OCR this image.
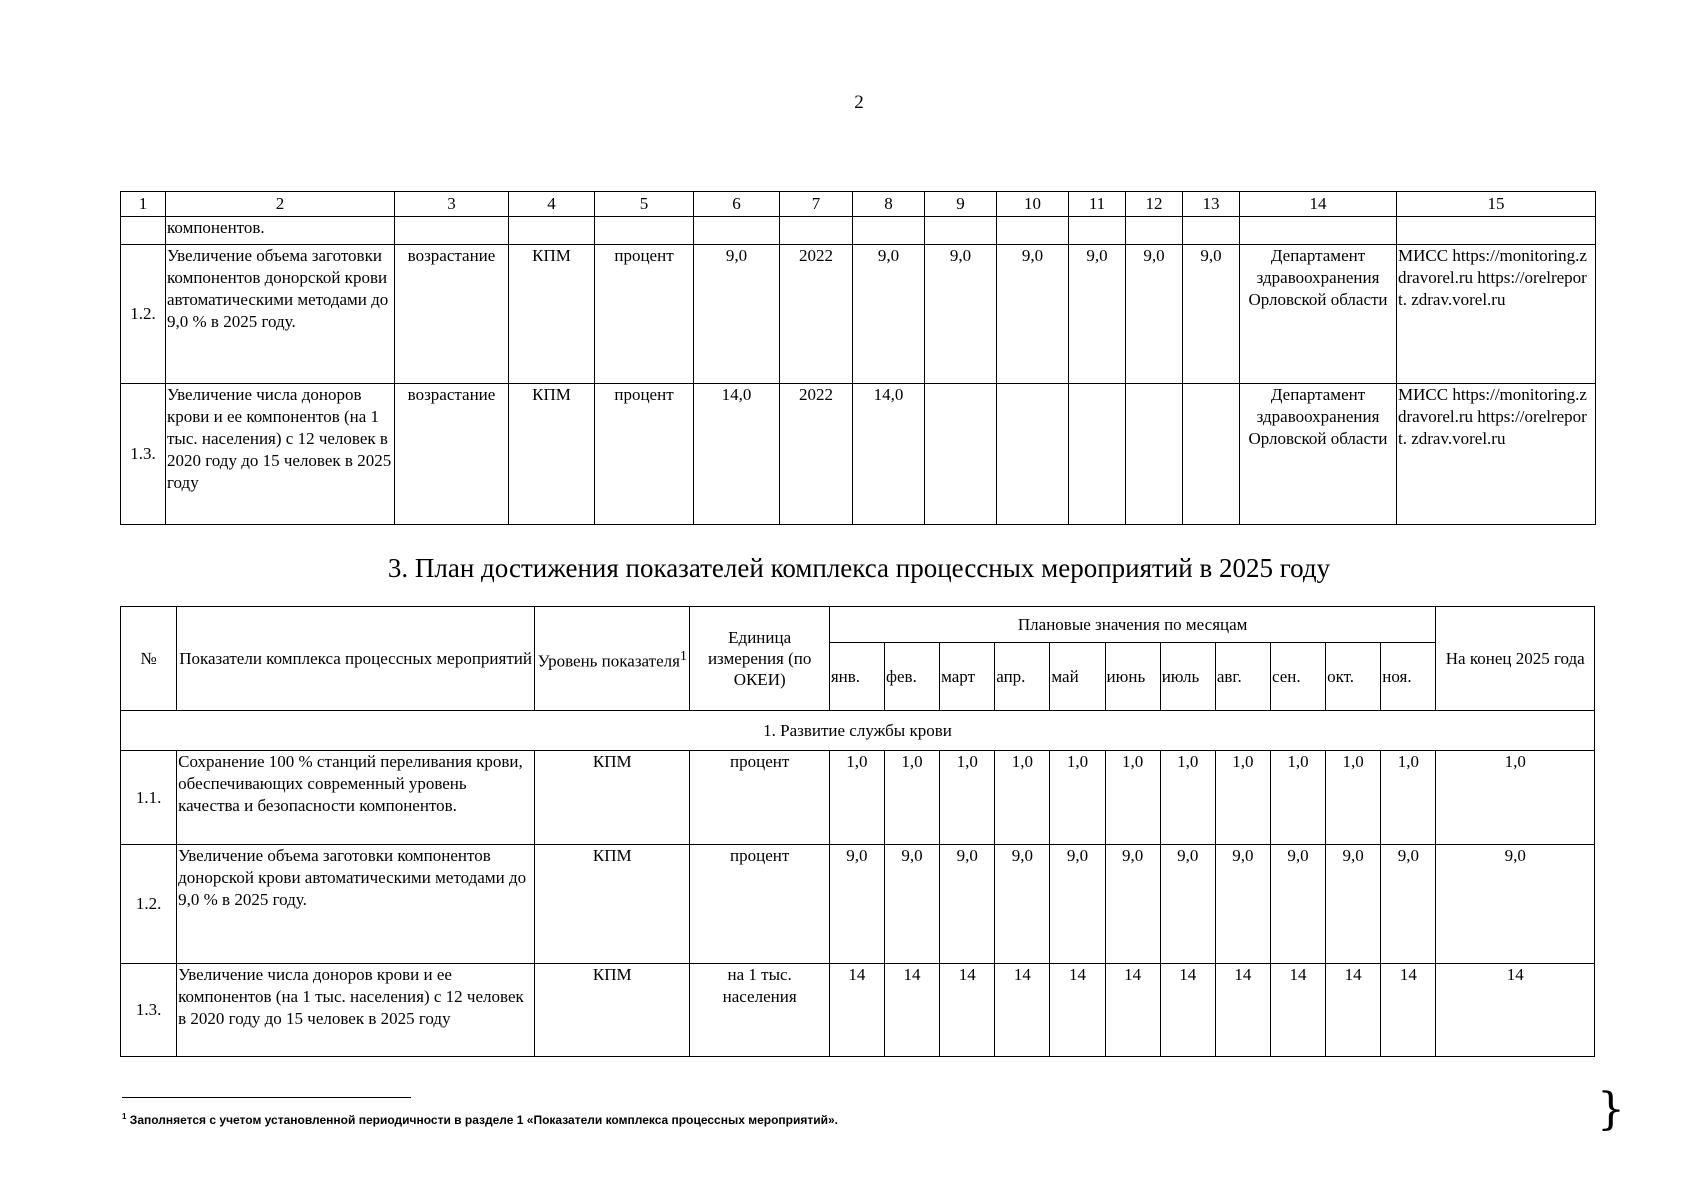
2
1	2	3	4	5	6	7	8	9	10	11	12	13	14	15
	компонентов.													
1.2.	Увеличение объема заготовки компонентов донорской крови автоматическими методами до 9,0 % в 2025 году.	возрастание	КПМ	процент	9,0	2022	9,0	9,0	9,0	9,0	9,0	9,0	Департамент здравоохранения Орловской области	МИСС https://monitoring.zdravorel.ru https://orelreport. zdrav.vorel.ru
1.3.	Увеличение числа доноров крови и ее компонентов (на 1 тыс. населения) с 12 человек в 2020 году до 15 человек в 2025 году	возрастание	КПМ	процент	14,0	2022	14,0						Департамент здравоохранения Орловской области	МИСС https://monitoring.zdravorel.ru https://orelreport. zdrav.vorel.ru
3. План достижения показателей комплекса процессных мероприятий в 2025 году
№	Показатели комплекса процессных мероприятий	Уровень показателя$^1$	Единица измерения (по ОКЕИ)	Плановые значения по месяцам											На конец 2025 года
				янв.	фев.	март	апр.	май	июнь	июль	авг.	сен.	окт.	ноя.	
1. Развитие службы крови															
1.1.	Сохранение 100 % станций переливания крови, обеспечивающих современный уровень качества и безопасности компонентов.	КПМ	процент	1,0	1,0	1,0	1,0	1,0	1,0	1,0	1,0	1,0	1,0	1,0	1,0
1.2.	Увеличение объема заготовки компонентов донорской крови автоматическими методами до 9,0 % в 2025 году.	КПМ	процент	9,0	9,0	9,0	9,0	9,0	9,0	9,0	9,0	9,0	9,0	9,0	9,0
1.3.	Увеличение числа доноров крови и ее компонентов (на 1 тыс. населения) с 12 человек в 2020 году до 15 человек в 2025 году	КПМ	на 1 тыс. населения	14	14	14	14	14	14	14	14	14	14	14	14
$^1$ Заполняется с учетом установленной периодичности в разделе 1 «Показатели комплекса процессных мероприятий».	}
